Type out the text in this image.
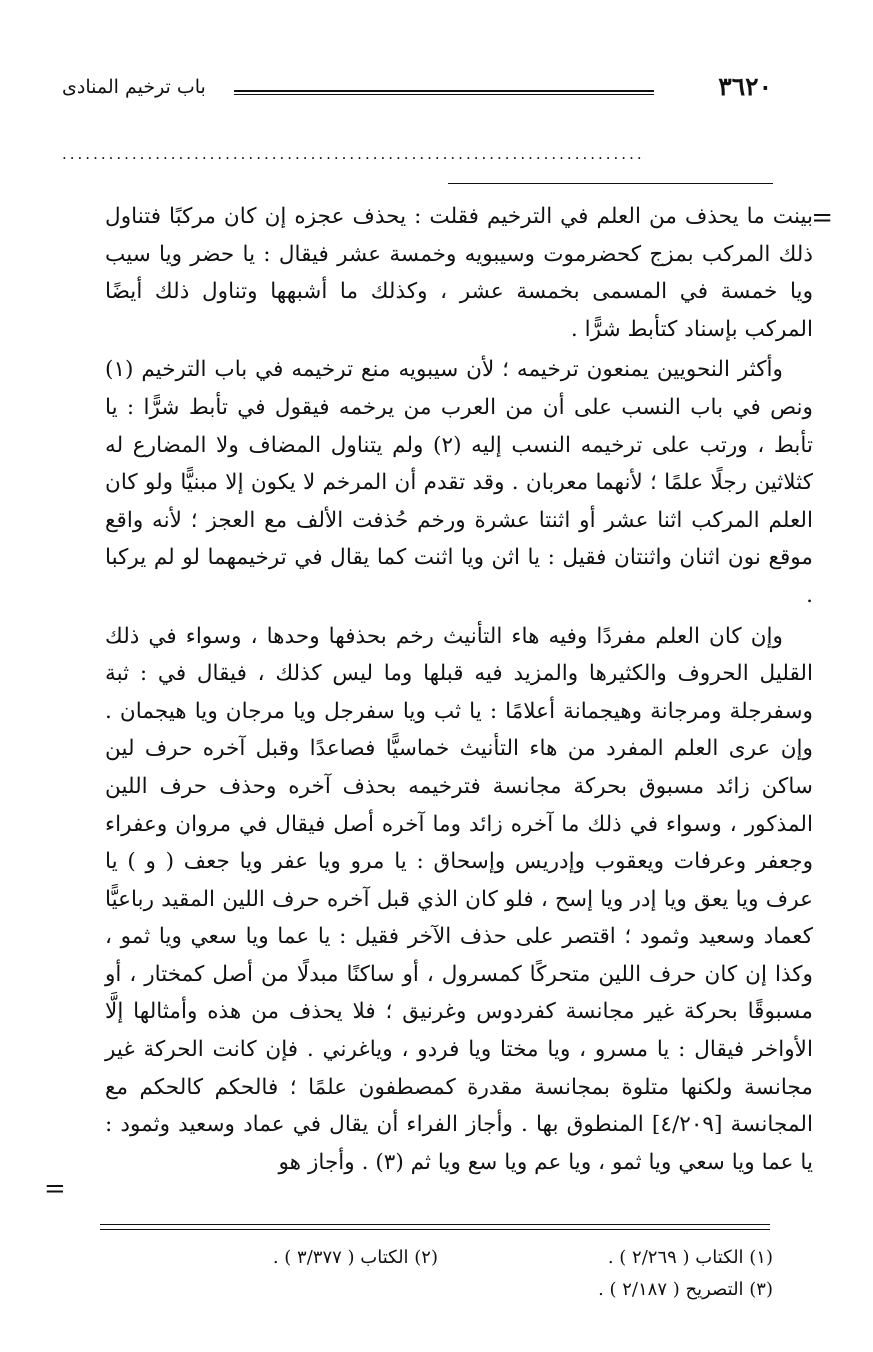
٣٦٢٠
باب ترخيم المنادى
...........................................................................
=

بينت ما يحذف من العلم في الترخيم فقلت : يحذف عجزه إن كان مركبًا فتناول ذلك المركب بمزج كحضرموت وسيبويه وخمسة عشر فيقال : يا حضر ويا سيب ويا خمسة في المسمى بخمسة عشر ، وكذلك ما أشبهها وتناول ذلك أيضًا المركب بإسناد كتأبط شرًّا .

وأكثر النحويين يمنعون ترخيمه ؛ لأن سيبويه منع ترخيمه في باب الترخيم (١) ونص في باب النسب على أن من العرب من يرخمه فيقول في تأبط شرًّا : يا تأبط ، ورتب على ترخيمه النسب إليه (٢) ولم يتناول المضاف ولا المضارع له كثلاثين رجلًا علمًا ؛ لأنهما معربان . وقد تقدم أن المرخم لا يكون إلا مبنيًّا ولو كان العلم المركب اثنا عشر أو اثنتا عشرة ورخم حُذفت الألف مع العجز ؛ لأنه واقع موقع نون اثنان واثنتان فقيل : يا اثن ويا اثنت كما يقال في ترخيمهما لو لم يركبا .

وإن كان العلم مفردًا وفيه هاء التأنيث رخم بحذفها وحدها ، وسواء في ذلك القليل الحروف والكثيرها والمزيد فيه قبلها وما ليس كذلك ، فيقال في : ثبة وسفرجلة ومرجانة وهيجمانة أعلامًا : يا ثب ويا سفرجل ويا مرجان ويا هيجمان . وإن عرى العلم المفرد من هاء التأنيث خماسيًّا فصاعدًا وقبل آخره حرف لين ساكن زائد مسبوق بحركة مجانسة فترخيمه بحذف آخره وحذف حرف اللين المذكور ، وسواء في ذلك ما آخره زائد وما آخره أصل فيقال في مروان وعفراء وجعفر وعرفات ويعقوب وإدريس وإسحاق : يا مرو ويا عفر ويا جعف ( و ) يا عرف ويا يعق ويا إدر ويا إسح ، فلو كان الذي قبل آخره حرف اللين المقيد رباعيًّا كعماد وسعيد وثمود ؛ اقتصر على حذف الآخر فقيل : يا عما ويا سعي ويا ثمو ، وكذا إن كان حرف اللين متحركًا كمسرول ، أو ساكنًا مبدلًا من أصل كمختار ، أو مسبوقًا بحركة غير مجانسة كفردوس وغرنيق ؛ فلا يحذف من هذه وأمثالها إلَّا الأواخر فيقال : يا مسرو ، ويا مختا ويا فردو ، وياغرني . فإن كانت الحركة غير مجانسة ولكنها متلوة بمجانسة مقدرة كمصطفون علمًا ؛ فالحكم كالحكم مع المجانسة [٤/٢٠٩] المنطوق بها . وأجاز الفراء أن يقال في عماد وسعيد وثمود : يا عما ويا سعي ويا ثمو ، ويا عم ويا سع ويا ثم (٣) . وأجاز هو

=
(١) الكتاب ( ٢/٢٦٩ ) .
(٢) الكتاب ( ٣/٣٧٧ ) .
(٣) التصريح ( ٢/١٨٧ ) .
